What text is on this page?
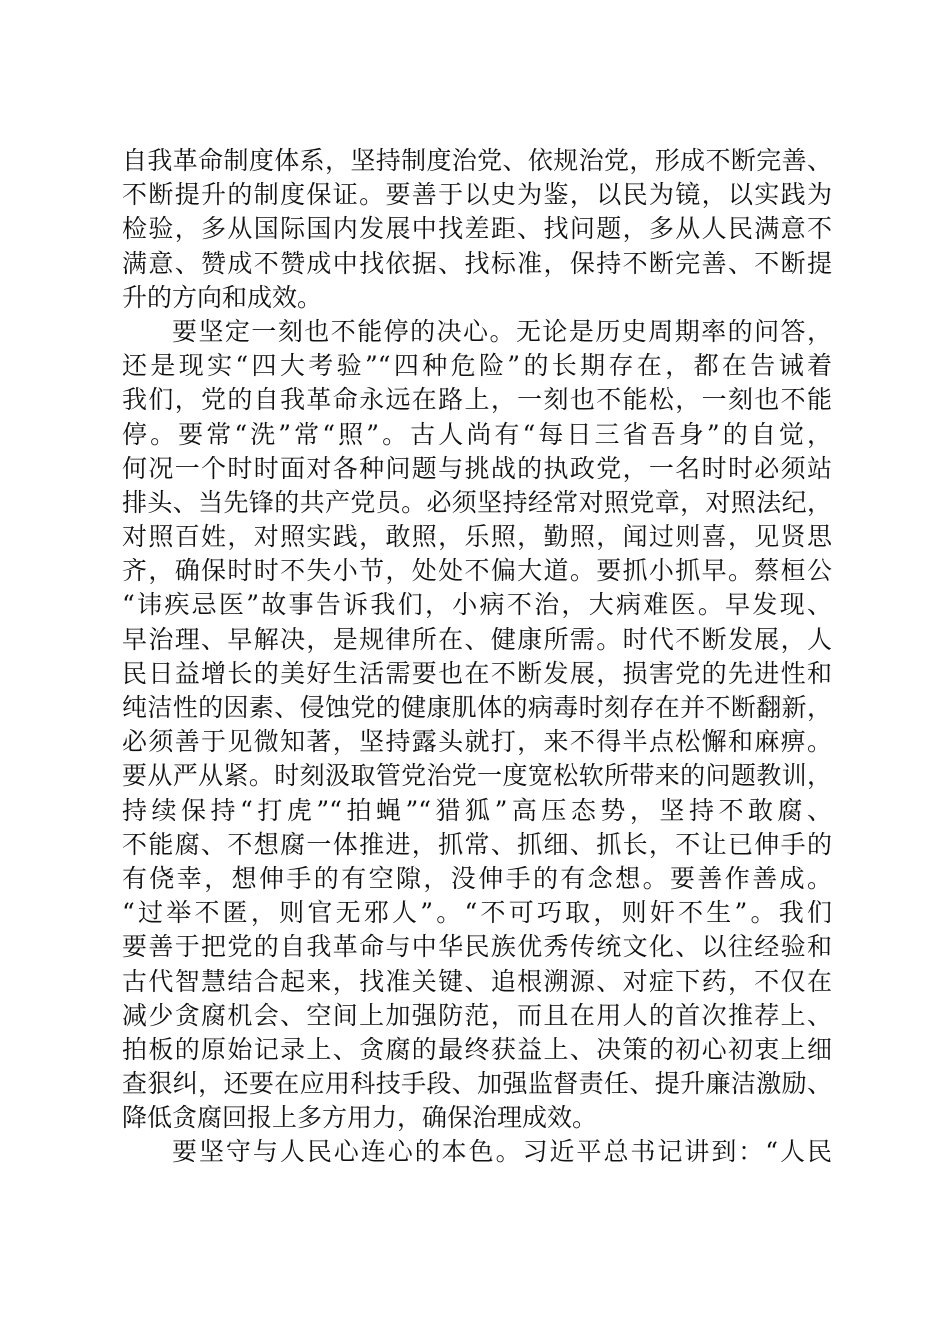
自我革命制度体系，坚持制度治党、依规治党，形成不断完善、
不断提升的制度保证。要善于以史为鉴，以民为镜，以实践为
检验，多从国际国内发展中找差距、找问题，多从人民满意不
满意、赞成不赞成中找依据、找标准，保持不断完善、不断提
升的方向和成效。
要坚定一刻也不能停的决心。无论是历史周期率的问答，
还是现实“四大考验”“四种危险”的长期存在，都在告诫着
我们，党的自我革命永远在路上，一刻也不能松，一刻也不能
停。要常“洗”常“照”。古人尚有“每日三省吾身”的自觉，
何况一个时时面对各种问题与挑战的执政党，一名时时必须站
排头、当先锋的共产党员。必须坚持经常对照党章，对照法纪，
对照百姓，对照实践，敢照，乐照，勤照，闻过则喜，见贤思
齐，确保时时不失小节，处处不偏大道。要抓小抓早。蔡桓公
“讳疾忌医”故事告诉我们，小病不治，大病难医。早发现、
早治理、早解决，是规律所在、健康所需。时代不断发展，人
民日益增长的美好生活需要也在不断发展，损害党的先进性和
纯洁性的因素、侵蚀党的健康肌体的病毒时刻存在并不断翻新，
必须善于见微知著，坚持露头就打，来不得半点松懈和麻痹。
要从严从紧。时刻汲取管党治党一度宽松软所带来的问题教训，
持续保持“打虎”“拍蝇”“猎狐”高压态势，坚持不敢腐、
不能腐、不想腐一体推进，抓常、抓细、抓长，不让已伸手的
有侥幸，想伸手的有空隙，没伸手的有念想。要善作善成。
“过举不匿，则官无邪人”。“不可巧取，则奸不生”。我们
要善于把党的自我革命与中华民族优秀传统文化、以往经验和
古代智慧结合起来，找准关键、追根溯源、对症下药，不仅在
减少贪腐机会、空间上加强防范，而且在用人的首次推荐上、
拍板的原始记录上、贪腐的最终获益上、决策的初心初衷上细
查狠纠，还要在应用科技手段、加强监督责任、提升廉洁激励、
降低贪腐回报上多方用力，确保治理成效。
要坚守与人民心连心的本色。习近平总书记讲到：“人民
